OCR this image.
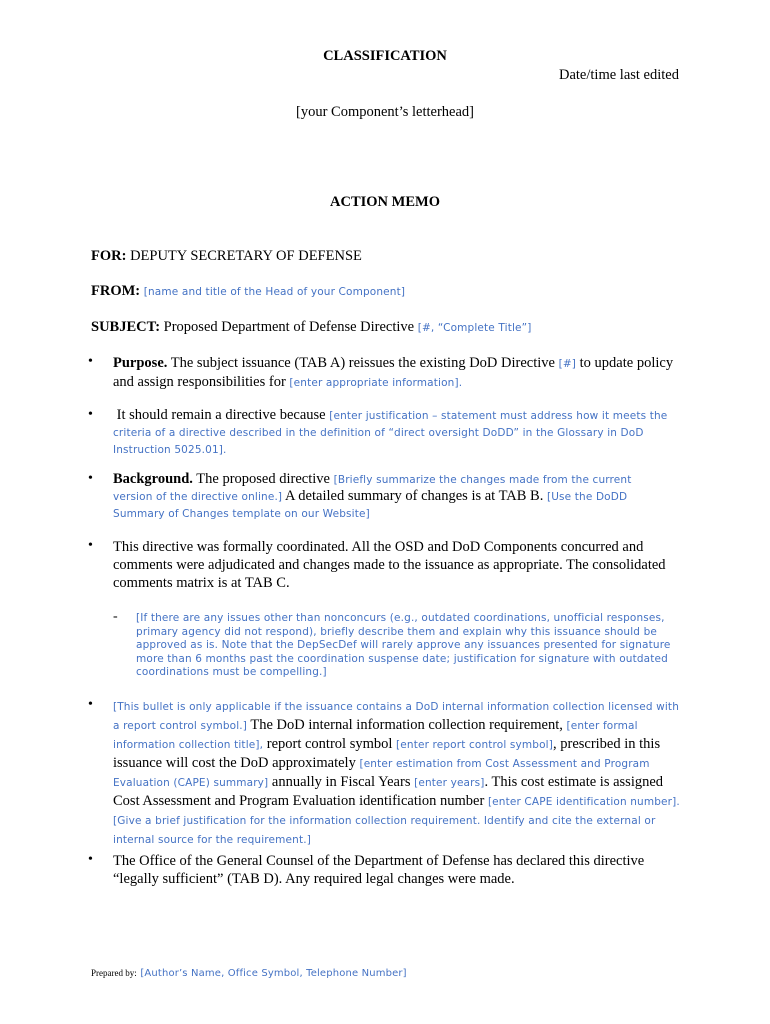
CLASSIFICATION
Date/time last edited
[your Component’s letterhead]
ACTION MEMO
FOR: DEPUTY SECRETARY OF DEFENSE
FROM: [name and title of the Head of your Component]
SUBJECT: Proposed Department of Defense Directive [#, “Complete Title”]
• Purpose. The subject issuance (TAB A) reissues the existing DoD Directive [#] to update policy and assign responsibilities for [enter appropriate information].
• It should remain a directive because [enter justification – statement must address how it meets the criteria of a directive described in the definition of “direct oversight DoDD” in the Glossary in DoD Instruction 5025.01].
• Background. The proposed directive [Briefly summarize the changes made from the current version of the directive online.] A detailed summary of changes is at TAB B. [Use the DoDD Summary of Changes template on our Website]
• This directive was formally coordinated. All the OSD and DoD Components concurred and comments were adjudicated and changes made to the issuance as appropriate. The consolidated comments matrix is at TAB C.
- [If there are any issues other than nonconcurs (e.g., outdated coordinations, unofficial responses, primary agency did not respond), briefly describe them and explain why this issuance should be approved as is. Note that the DepSecDef will rarely approve any issuances presented for signature more than 6 months past the coordination suspense date; justification for signature with outdated coordinations must be compelling.]
• [This bullet is only applicable if the issuance contains a DoD internal information collection licensed with a report control symbol.] The DoD internal information collection requirement, [enter formal information collection title], report control symbol [enter report control symbol], prescribed in this issuance will cost the DoD approximately [enter estimation from Cost Assessment and Program Evaluation (CAPE) summary] annually in Fiscal Years [enter years]. This cost estimate is assigned Cost Assessment and Program Evaluation identification number [enter CAPE identification number]. [Give a brief justification for the information collection requirement. Identify and cite the external or internal source for the requirement.]
• The Office of the General Counsel of the Department of Defense has declared this directive “legally sufficient” (TAB D). Any required legal changes were made.
Prepared by: [Author’s Name, Office Symbol, Telephone Number]
